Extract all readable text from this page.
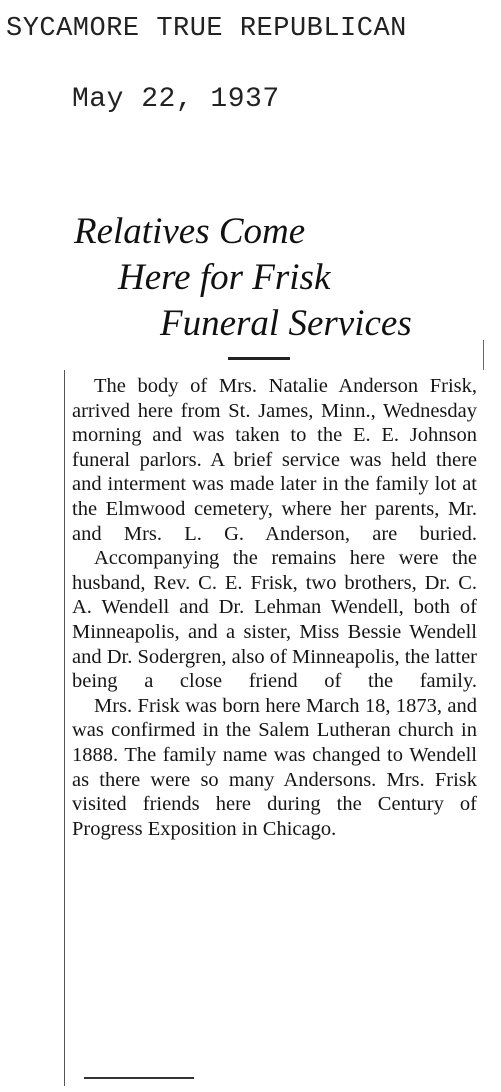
SYCAMORE TRUE REPUBLICAN
May 22, 1937
Relatives Come
Here for Frisk
Funeral Services

The body of Mrs. Natalie Anderson Frisk, arrived here from St. James, Minn., Wednesday morning and was taken to the E. E. Johnson funeral parlors. A brief service was held there and interment was made later in the family lot at the Elmwood cemetery, where her parents, Mr. and Mrs. L. G. Anderson, are buried.

Accompanying the remains here were the husband, Rev. C. E. Frisk, two brothers, Dr. C. A. Wendell and Dr. Lehman Wendell, both of Minneapolis, and a sister, Miss Bessie Wendell and Dr. Sodergren, also of Minneapolis, the latter being a close friend of the family.

Mrs. Frisk was born here March 18, 1873, and was confirmed in the Salem Lutheran church in 1888. The family name was changed to Wendell as there were so many Andersons. Mrs. Frisk visited friends here during the Century of Progress Exposition in Chicago.
